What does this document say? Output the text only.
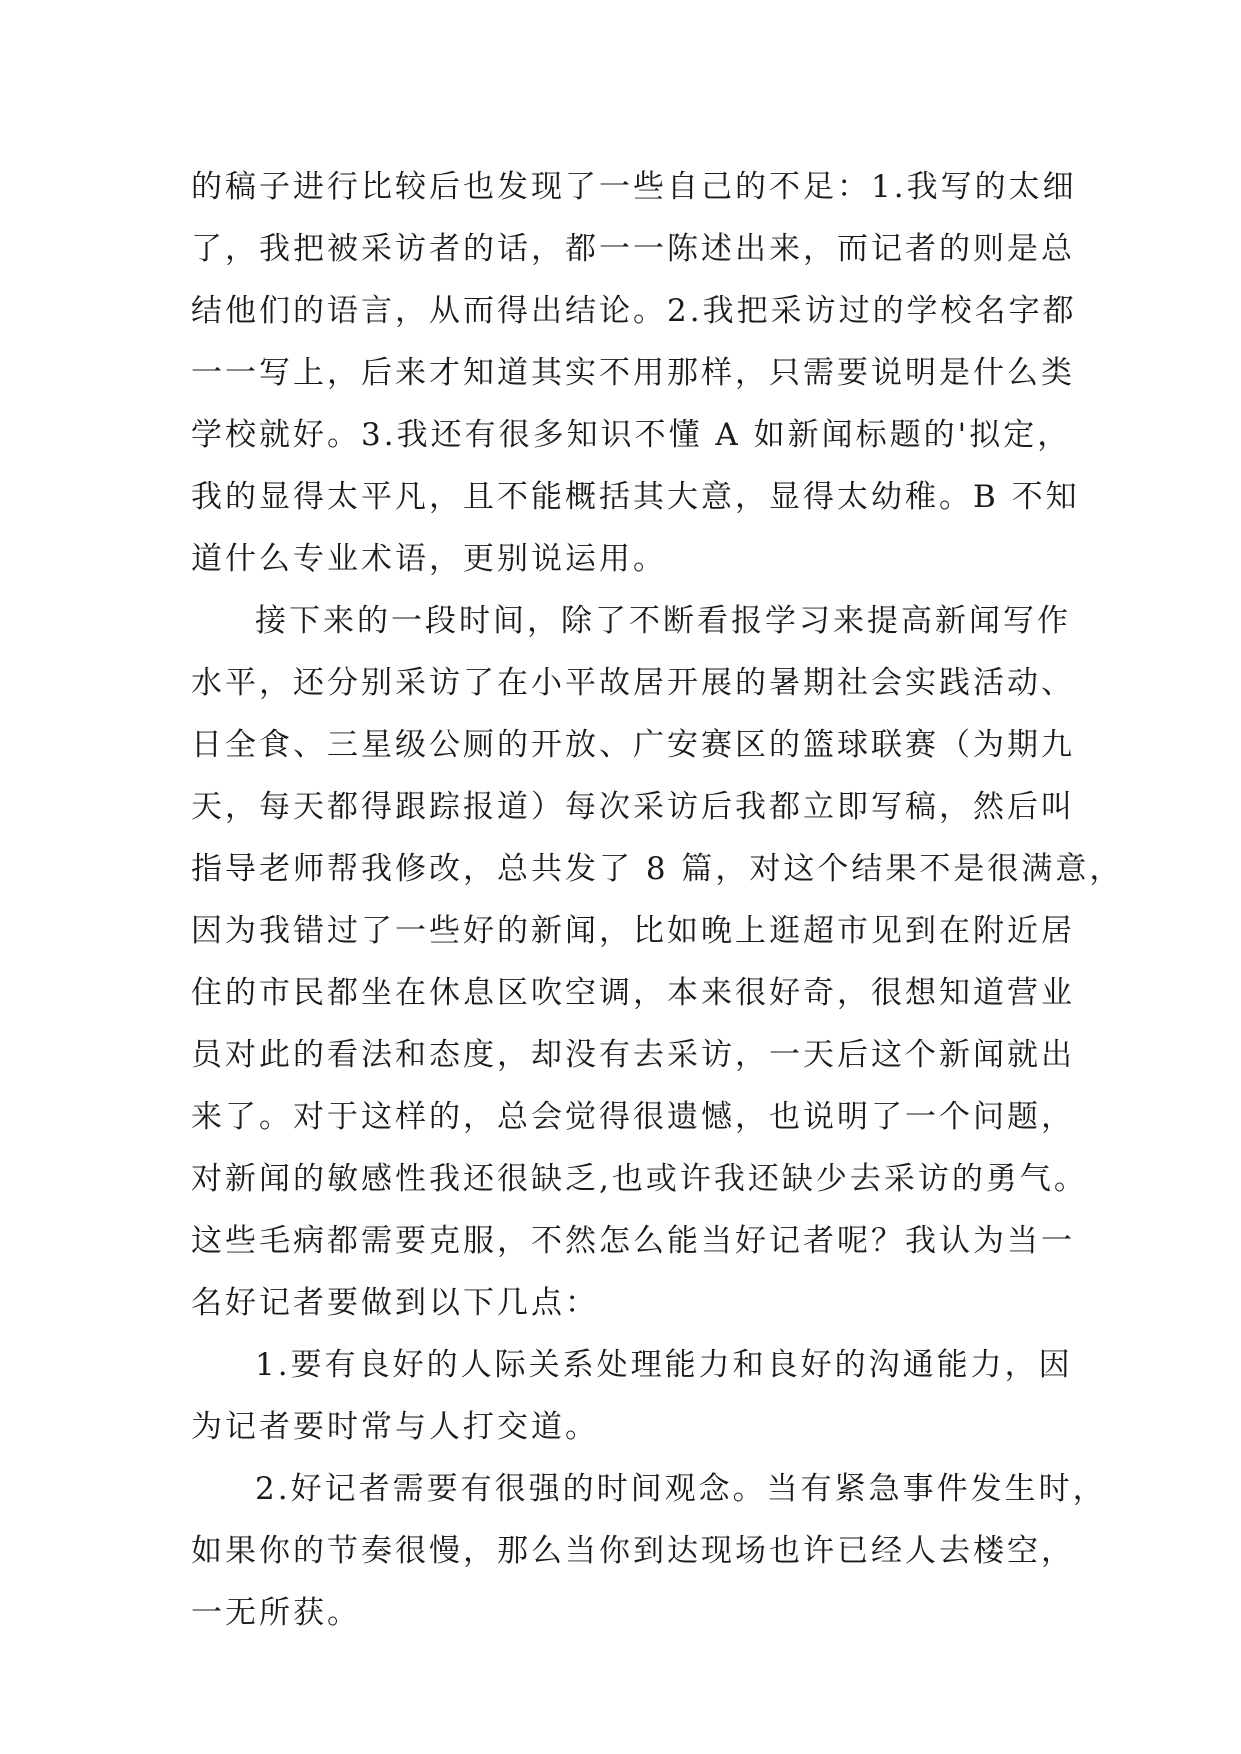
的稿子进行比较后也发现了一些自己的不足：1.我写的太细
了，我把被采访者的话，都一一陈述出来，而记者的则是总
结他们的语言，从而得出结论。2.我把采访过的学校名字都
一一写上，后来才知道其实不用那样，只需要说明是什么类
学校就好。3.我还有很多知识不懂 A 如新闻标题的'拟定，
我的显得太平凡，且不能概括其大意，显得太幼稚。B 不知
道什么专业术语，更别说运用。
接下来的一段时间，除了不断看报学习来提高新闻写作
水平，还分别采访了在小平故居开展的暑期社会实践活动、
日全食、三星级公厕的开放、广安赛区的篮球联赛（为期九
天，每天都得跟踪报道）每次采访后我都立即写稿，然后叫
指导老师帮我修改，总共发了 8 篇，对这个结果不是很满意，
因为我错过了一些好的新闻，比如晚上逛超市见到在附近居
住的市民都坐在休息区吹空调，本来很好奇，很想知道营业
员对此的看法和态度，却没有去采访，一天后这个新闻就出
来了。对于这样的，总会觉得很遗憾，也说明了一个问题，
对新闻的敏感性我还很缺乏,也或许我还缺少去采访的勇气。
这些毛病都需要克服，不然怎么能当好记者呢？我认为当一
名好记者要做到以下几点：
1.要有良好的人际关系处理能力和良好的沟通能力，因
为记者要时常与人打交道。
2.好记者需要有很强的时间观念。当有紧急事件发生时，
如果你的节奏很慢，那么当你到达现场也许已经人去楼空，
一无所获。
